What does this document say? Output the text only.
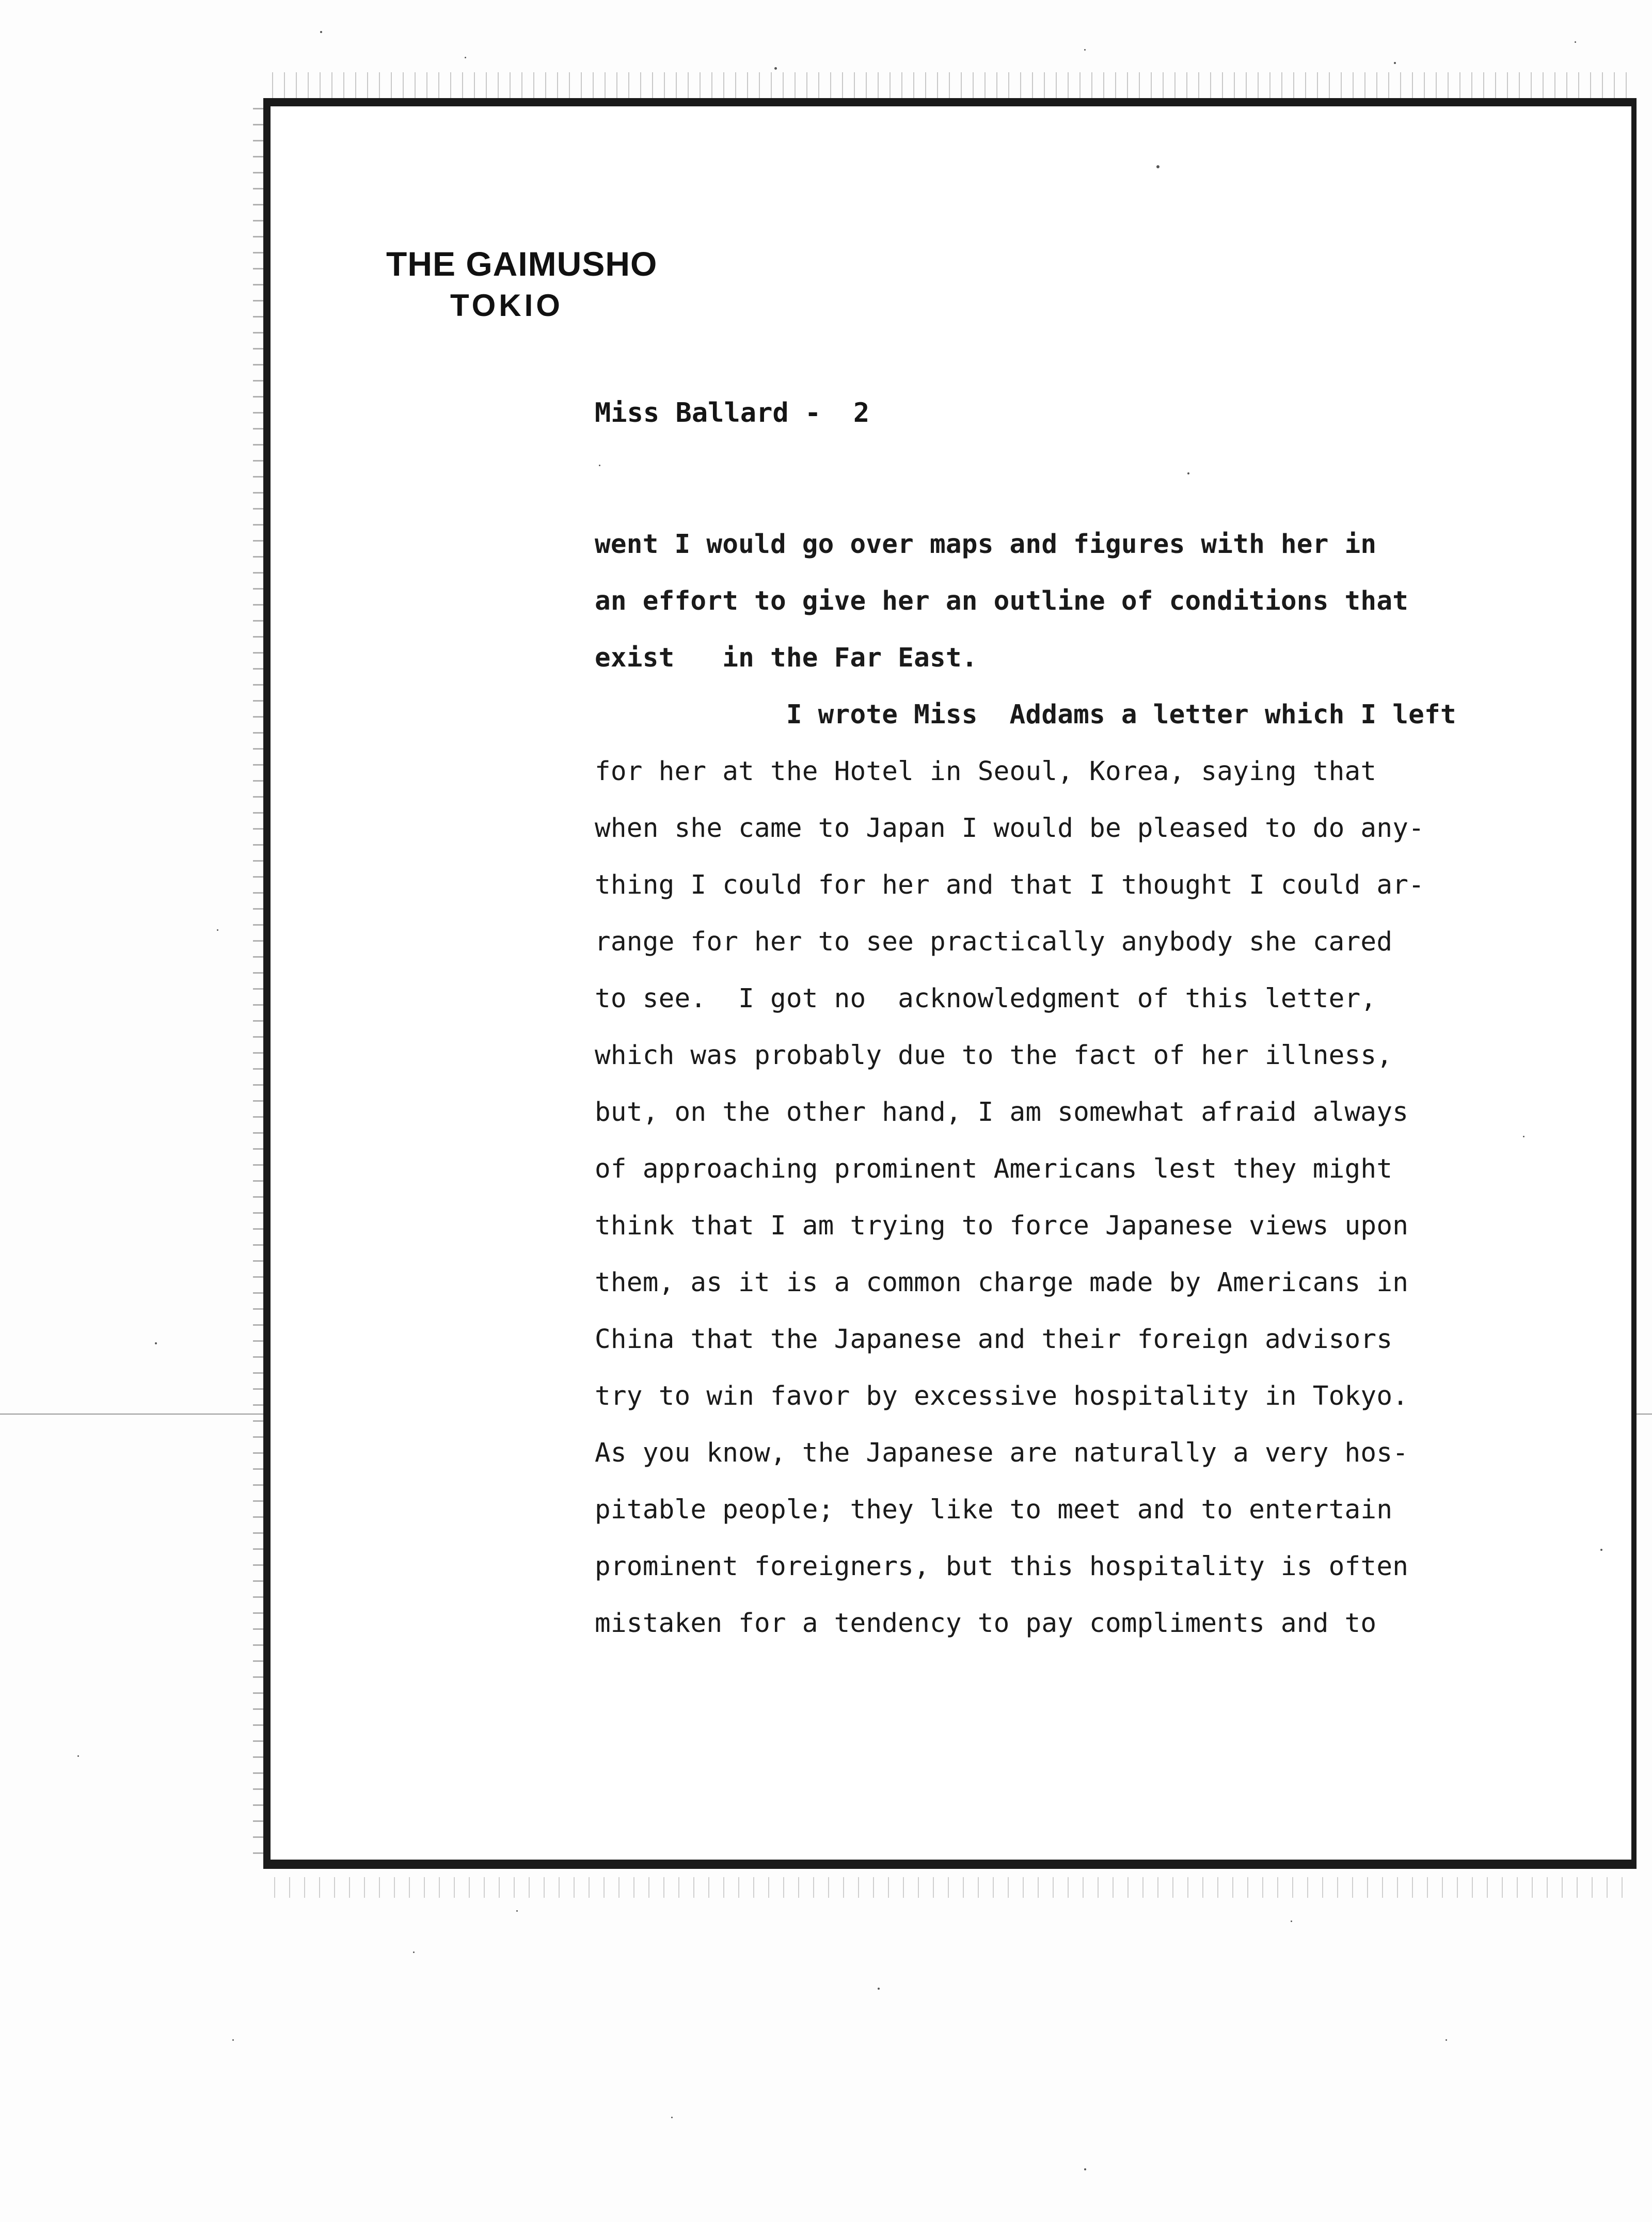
THE GAIMUSHO
TOKIO
Miss Ballard -  2
went I would go over maps and figures with her in
an effort to give her an outline of conditions that
exist   in the Far East.
I wrote Miss  Addams a letter which I left
for her at the Hotel in Seoul, Korea, saying that
when she came to Japan I would be pleased to do any-
thing I could for her and that I thought I could ar-
range for her to see practically anybody she cared
to see.  I got no  acknowledgment of this letter,
which was probably due to the fact of her illness,
but, on the other hand, I am somewhat afraid always
of approaching prominent Americans lest they might
think that I am trying to force Japanese views upon
them, as it is a common charge made by Americans in
China that the Japanese and their foreign advisors
try to win favor by excessive hospitality in Tokyo.
As you know, the Japanese are naturally a very hos-
pitable people; they like to meet and to entertain
prominent foreigners, but this hospitality is often
mistaken for a tendency to pay compliments and to
